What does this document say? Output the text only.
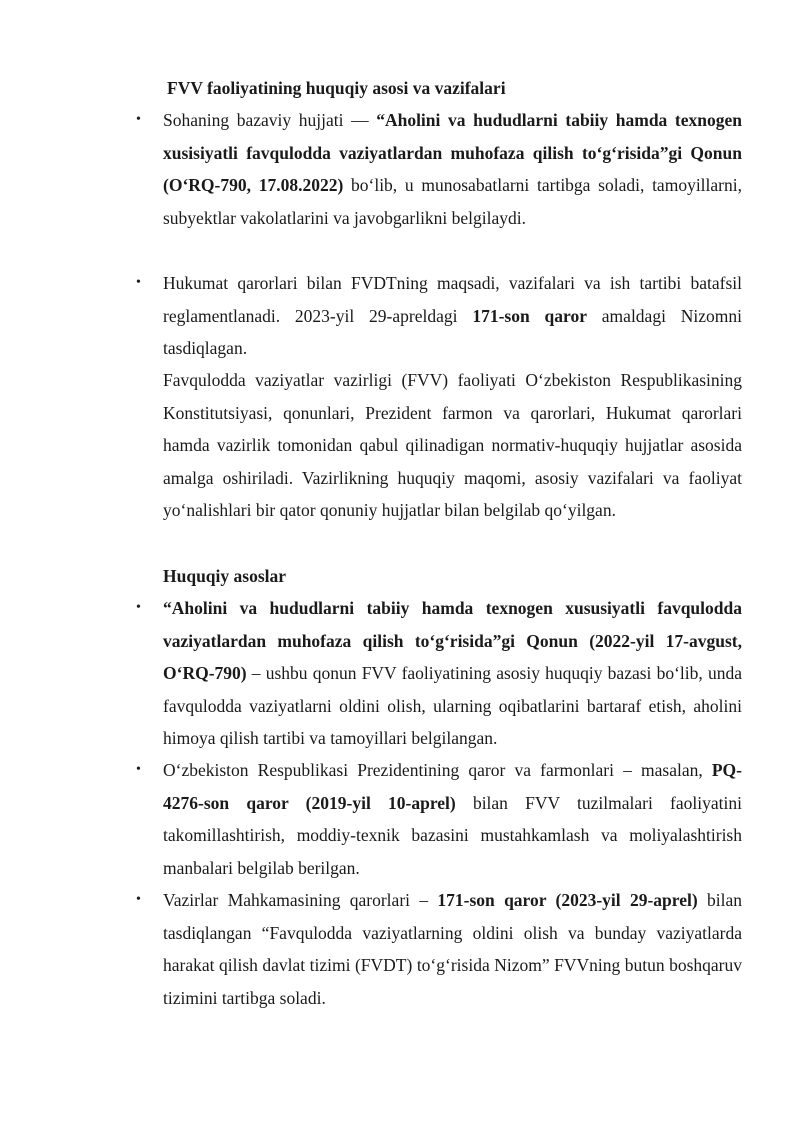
FVV faoliyatining huquqiy asosi va vazifalari
• Sohaning bazaviy hujjati — “Aholini va hududlarni tabiiy hamda texnogen xusisiyatli favqulodda vaziyatlardan muhofaza qilish to‘g‘risida”gi Qonun (O‘RQ-790, 17.08.2022) bo‘lib, u munosabatlarni tartibga soladi, tamoyillarni, subyektlar vakolatlarini va javobgarlikni belgilaydi.

• Hukumat qarorlari bilan FVDTning maqsadi, vazifalari va ish tartibi batafsil reglamentlanadi. 2023-yil 29-apreldagi 171-son qaror amaldagi Nizomni tasdiqlagan.

Favqulodda vaziyatlar vazirligi (FVV) faoliyati O‘zbekiston Respublikasining Konstitutsiyasi, qonunlari, Prezident farmon va qarorlari, Hukumat qarorlari hamda vazirlik tomonidan qabul qilinadigan normativ-huquqiy hujjatlar asosida amalga oshiriladi. Vazirlikning huquqiy maqomi, asosiy vazifalari va faoliyat yo‘nalishlari bir qator qonuniy hujjatlar bilan belgilab qo‘yilgan.

Huquqiy asoslar
• “Aholini va hududlarni tabiiy hamda texnogen xususiyatli favqulodda vaziyatlardan muhofaza qilish to‘g‘risida”gi Qonun (2022-yil 17-avgust, O‘RQ-790) – ushbu qonun FVV faoliyatining asosiy huquqiy bazasi bo‘lib, unda favqulodda vaziyatlarni oldini olish, ularning oqibatlarini bartaraf etish, aholini himoya qilish tartibi va tamoyillari belgilangan.

• O‘zbekiston Respublikasi Prezidentining qaror va farmonlari – masalan, PQ-4276-son qaror (2019-yil 10-aprel) bilan FVV tuzilmalari faoliyatini takomillashtirish, moddiy-texnik bazasini mustahkamlash va moliyalashtirish manbalari belgilab berilgan.

• Vazirlar Mahkamasining qarorlari – 171-son qaror (2023-yil 29-aprel) bilan tasdiqlangan “Favqulodda vaziyatlarning oldini olish va bunday vaziyatlarda harakat qilish davlat tizimi (FVDT) to‘g‘risida Nizom” FVVning butun boshqaruv tizimini tartibga soladi.
